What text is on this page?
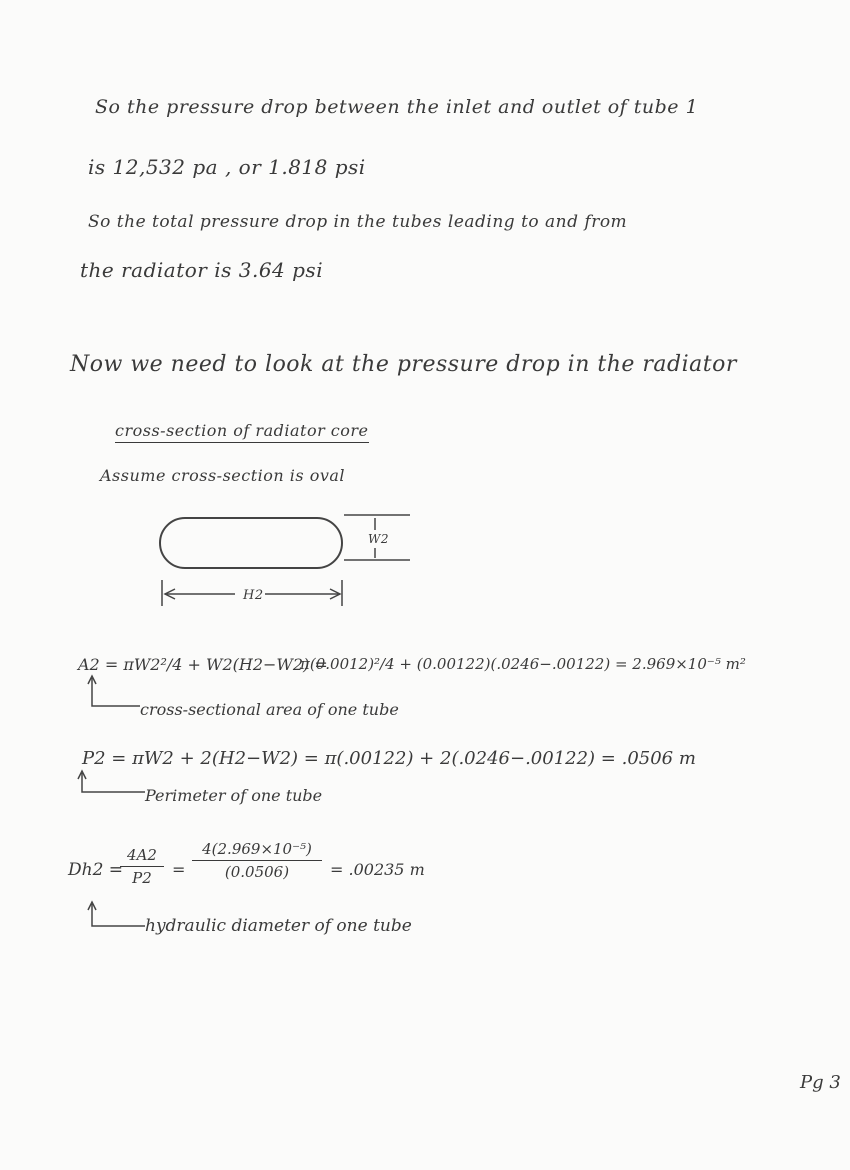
So the pressure drop between the inlet and outlet of tube 1
is 12,532 pa , or 1.818 psi
So the total pressure drop in the tubes leading to and from
the radiator is 3.64 psi
Now we need to look at the pressure drop in the radiator
cross-section of radiator core
Assume cross-section is oval
W2
H2
A2 = πW2²/4 + W2(H2−W2) =
π(0.0012)²/4 + (0.00122)(.0246−.00122) = 2.969×10⁻⁵ m²
cross-sectional area of one tube
P2 = πW2 + 2(H2−W2) = π(.00122) + 2(.0246−.00122) = .0506 m
Perimeter of one tube
Dh2 =
4A2
P2	=
4(2.969×10⁻⁵)
(0.0506)	= .00235 m
hydraulic diameter of one tube
Pg 3
